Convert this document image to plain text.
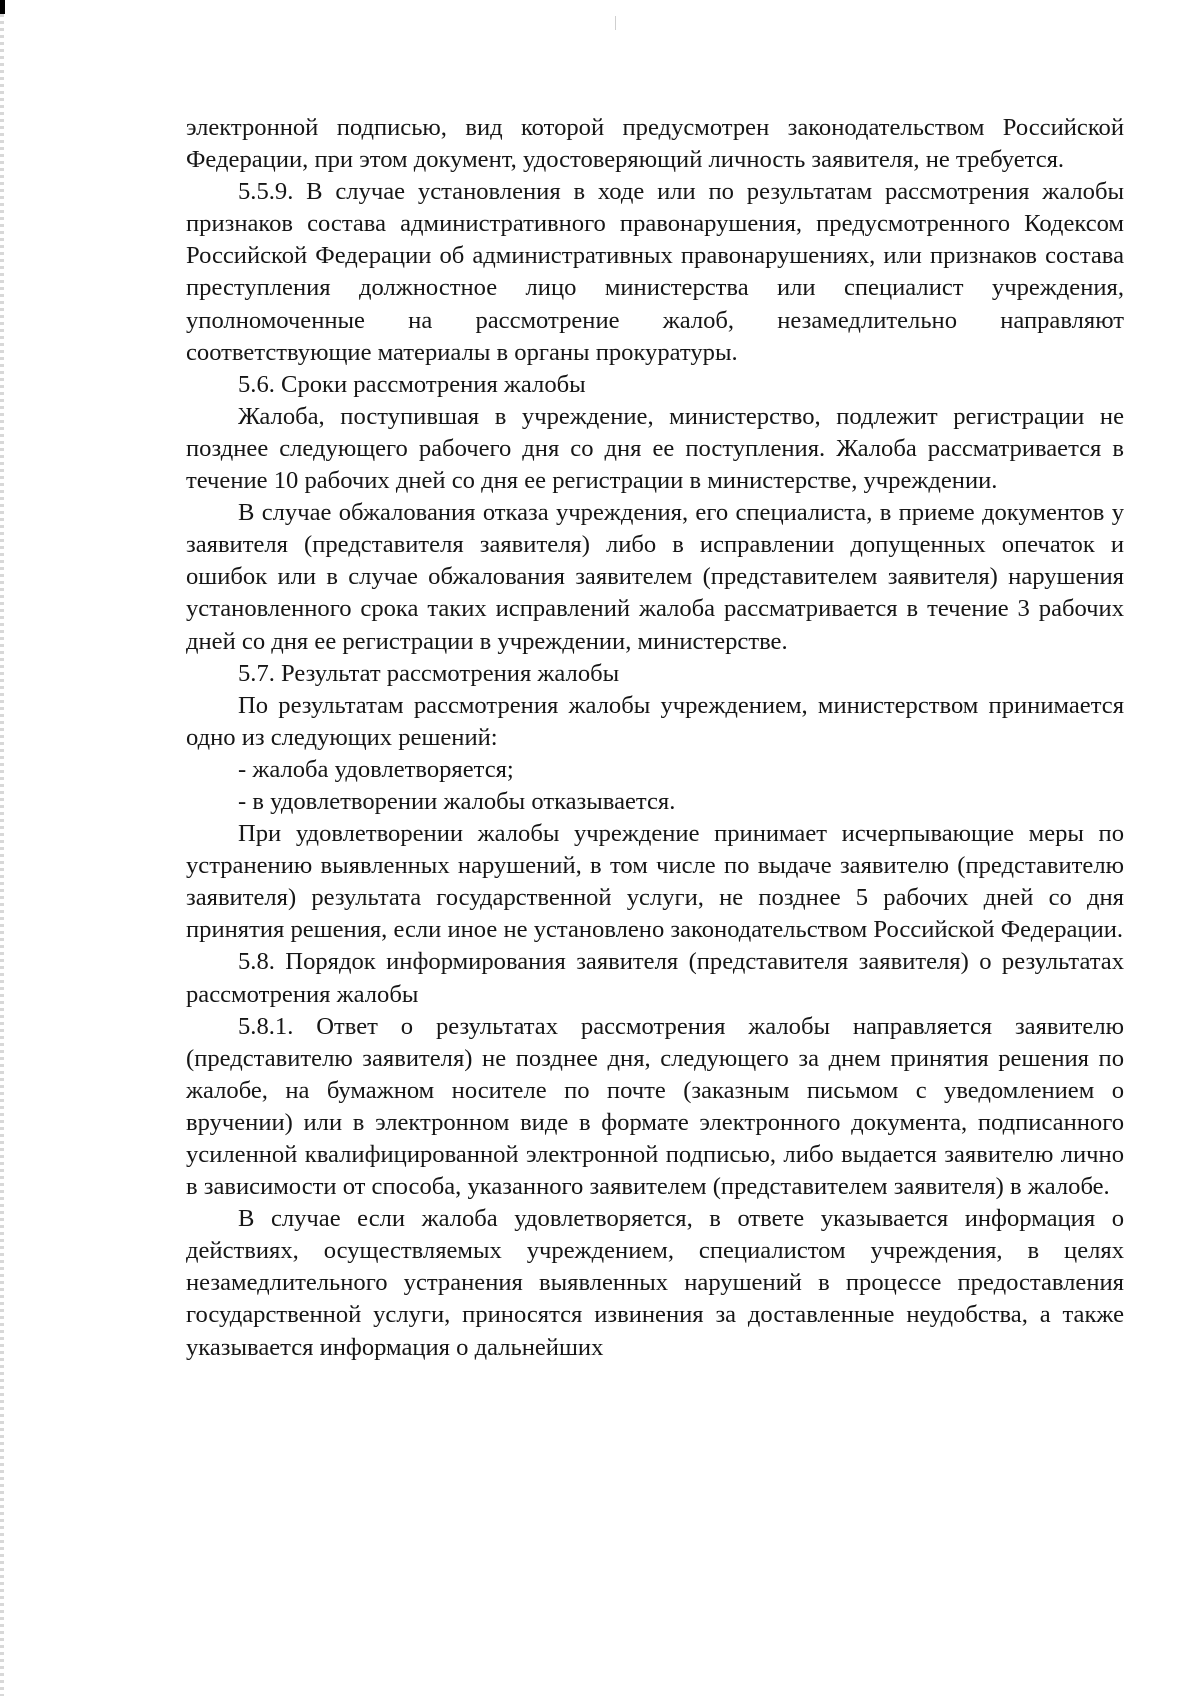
электронной подписью, вид которой предусмотрен законодательством Российской Федерации, при этом документ, удостоверяющий личность заявителя, не требуется.

5.5.9. В случае установления в ходе или по результатам рассмотрения жалобы признаков состава административного правонарушения, предусмотренного Кодексом Российской Федерации об административных правонарушениях, или признаков состава преступления должностное лицо министерства или специалист учреждения, уполномоченные на рассмотрение жалоб, незамедлительно направляют соответствующие материалы в органы прокуратуры.

5.6. Сроки рассмотрения жалобы

Жалоба, поступившая в учреждение, министерство, подлежит регистрации не позднее следующего рабочего дня со дня ее поступления. Жалоба рассматривается в течение 10 рабочих дней со дня ее регистрации в министерстве, учреждении.

В случае обжалования отказа учреждения, его специалиста, в приеме документов у заявителя (представителя заявителя) либо в исправлении допущенных опечаток и ошибок или в случае обжалования заявителем (представителем заявителя) нарушения установленного срока таких исправлений жалоба рассматривается в течение 3 рабочих дней со дня ее регистрации в учреждении, министерстве.

5.7. Результат рассмотрения жалобы

По результатам рассмотрения жалобы учреждением, министерством принимается одно из следующих решений:

- жалоба удовлетворяется;

- в удовлетворении жалобы отказывается.

При удовлетворении жалобы учреждение принимает исчерпывающие меры по устранению выявленных нарушений, в том числе по выдаче заявителю (представителю заявителя) результата государственной услуги, не позднее 5 рабочих дней со дня принятия решения, если иное не установлено законодательством Российской Федерации.

5.8. Порядок информирования заявителя (представителя заявителя) о результатах рассмотрения жалобы

5.8.1. Ответ о результатах рассмотрения жалобы направляется заявителю (представителю заявителя) не позднее дня, следующего за днем принятия решения по жалобе, на бумажном носителе по почте (заказным письмом с уведомлением о вручении) или в электронном виде в формате электронного документа, подписанного усиленной квалифицированной электронной подписью, либо выдается заявителю лично в зависимости от способа, указанного заявителем (представителем заявителя) в жалобе.

В случае если жалоба удовлетворяется, в ответе указывается информация о действиях, осуществляемых учреждением, специалистом учреждения, в целях незамедлительного устранения выявленных нарушений в процессе предоставления государственной услуги, приносятся извинения за доставленные неудобства, а также указывается информация о дальнейших
